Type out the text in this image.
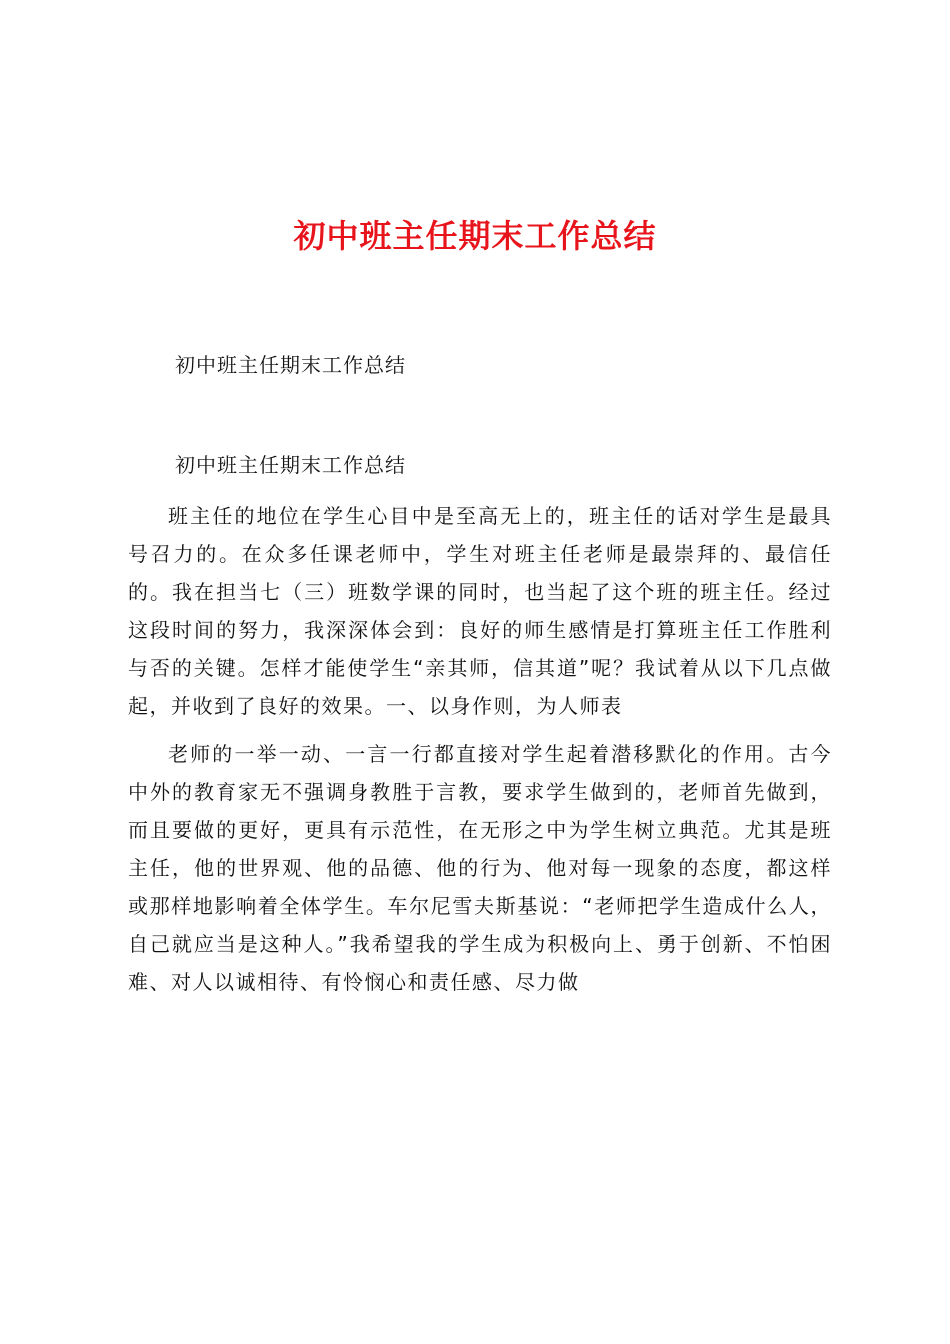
初中班主任期末工作总结
初中班主任期末工作总结
初中班主任期末工作总结

班主任的地位在学生心目中是至高无上的，班主任的话对学生是最具号召力的。在众多任课老师中，学生对班主任老师是最崇拜的、最信任的。我在担当七（三）班数学课的同时，也当起了这个班的班主任。经过这段时间的努力，我深深体会到：良好的师生感情是打算班主任工作胜利与否的关键。怎样才能使学生“亲其师，信其道”呢？我试着从以下几点做起，并收到了良好的效果。一、以身作则，为人师表

老师的一举一动、一言一行都直接对学生起着潜移默化的作用。古今中外的教育家无不强调身教胜于言教，要求学生做到的，老师首先做到，而且要做的更好，更具有示范性，在无形之中为学生树立典范。尤其是班主任，他的世界观、他的品德、他的行为、他对每一现象的态度，都这样或那样地影响着全体学生。车尔尼雪夫斯基说：“老师把学生造成什么人，自己就应当是这种人。”我希望我的学生成为积极向上、勇于创新、不怕困难、对人以诚相待、有怜悯心和责任感、尽力做
